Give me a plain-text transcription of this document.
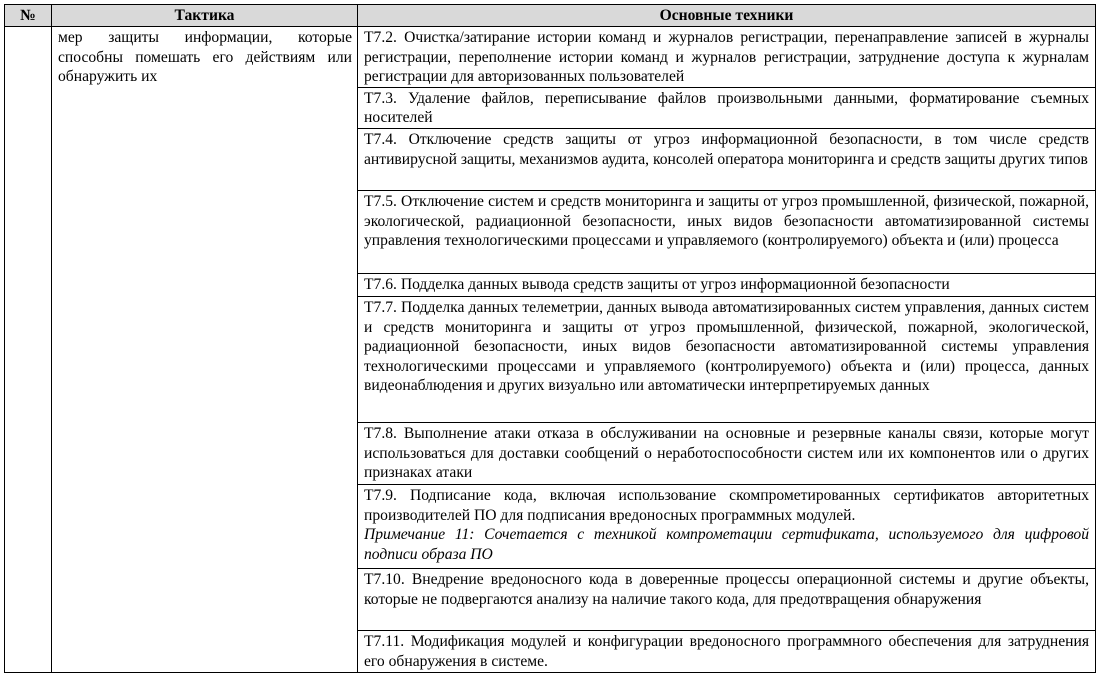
№	Тактика	Основные техники
	мер защиты информации, которые способны помешать его действиям или обнаружить их	Т7.2. Очистка/затирание истории команд и журналов регистрации, перенаправление записей в журналы регистрации, переполнение истории команд и журналов регистрации, затруднение доступа к журналам регистрации для авторизованных пользователей
		Т7.3. Удаление файлов, переписывание файлов произвольными данными, форматирование съемных носителей
		Т7.4. Отключение средств защиты от угроз информационной безопасности, в том числе средств антивирусной защиты, механизмов аудита, консолей оператора мониторинга и средств защиты других типов
		Т7.5. Отключение систем и средств мониторинга и защиты от угроз промышленной, физической, пожарной, экологической, радиационной безопасности, иных видов безопасности автоматизированной системы управления технологическими процессами и управляемого (контролируемого) объекта и (или) процесса
		Т7.6. Подделка данных вывода средств защиты от угроз информационной безопасности
		Т7.7. Подделка данных телеметрии, данных вывода автоматизированных систем управления, данных систем и средств мониторинга и защиты от угроз промышленной, физической, пожарной, экологической, радиационной безопасности, иных видов безопасности автоматизированной системы управления технологическими процессами и управляемого (контролируемого) объекта и (или) процесса, данных видеонаблюдения и других визуально или автоматически интерпретируемых данных
		Т7.8. Выполнение атаки отказа в обслуживании на основные и резервные каналы связи, которые могут использоваться для доставки сообщений о неработоспособности систем или их компонентов или о других признаках атаки

		Т7.9. Подписание кода, включая использование скомпрометированных сертификатов авторитетных производителей ПО для подписания вредоносных программных модулей.
Примечание 11: Сочетается с техникой компрометации сертификата, используемого для цифровой подписи образа ПО

		Т7.10. Внедрение вредоносного кода в доверенные процессы операционной системы и другие объекты, которые не подвергаются анализу на наличие такого кода, для предотвращения обнаружения
		Т7.11. Модификация модулей и конфигурации вредоносного программного обеспечения для затруднения его обнаружения в системе.
